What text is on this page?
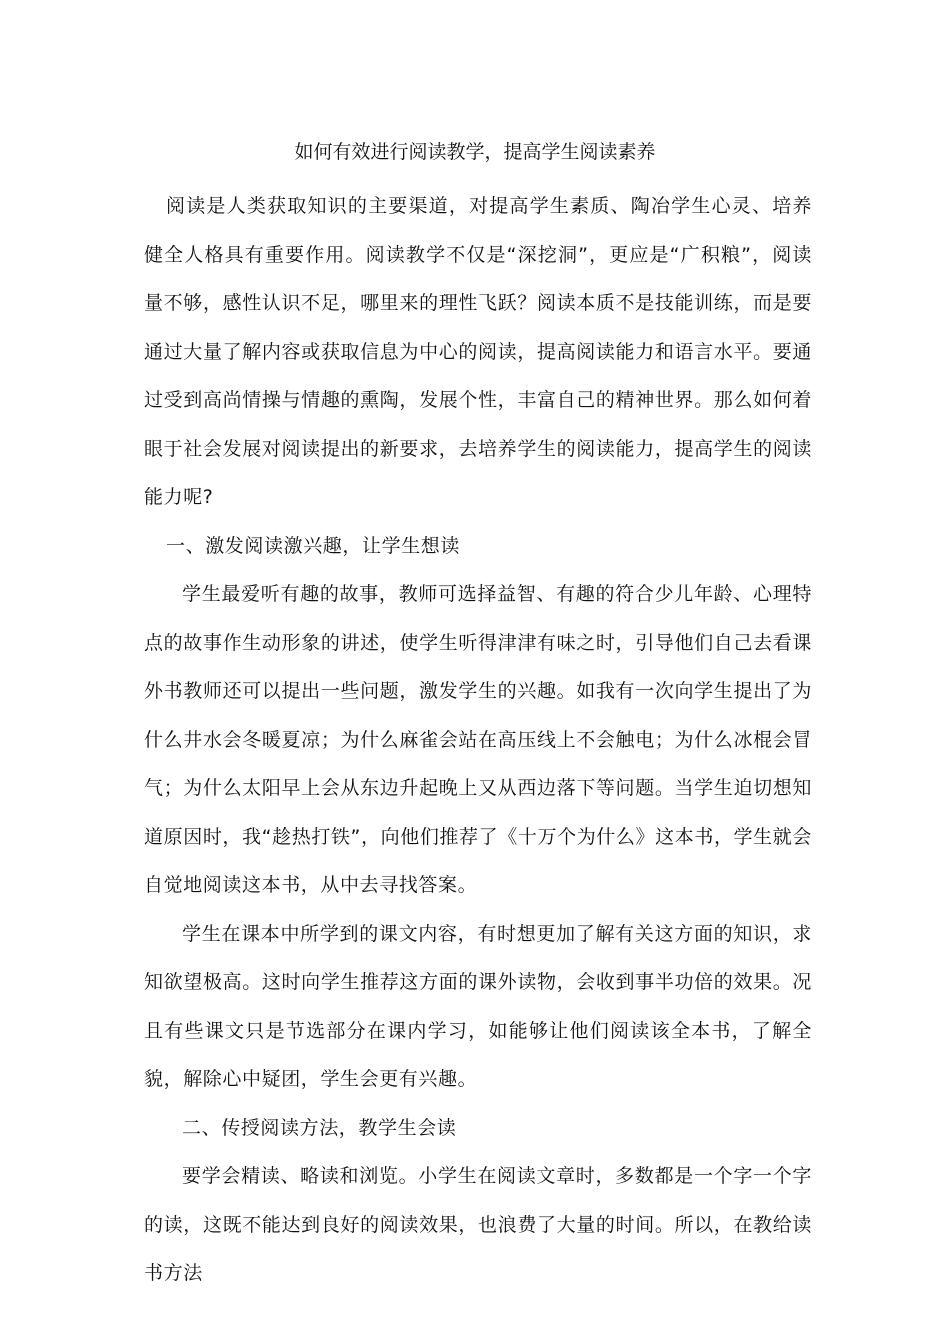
如何有效进行阅读教学，提高学生阅读素养

阅读是人类获取知识的主要渠道，对提高学生素质、陶冶学生心灵、培养健全人格具有重要作用。阅读教学不仅是“深挖洞”，更应是“广积粮”，阅读量不够，感性认识不足，哪里来的理性飞跃？阅读本质不是技能训练，而是要通过大量了解内容或获取信息为中心的阅读，提高阅读能力和语言水平。要通过受到高尚情操与情趣的熏陶，发展个性，丰富自己的精神世界。那么如何着眼于社会发展对阅读提出的新要求，去培养学生的阅读能力，提高学生的阅读能力呢?

一、激发阅读激兴趣，让学生想读

学生最爱听有趣的故事，教师可选择益智、有趣的符合少儿年龄、心理特点的故事作生动形象的讲述，使学生听得津津有味之时，引导他们自己去看课外书教师还可以提出一些问题，激发学生的兴趣。如我有一次向学生提出了为什么井水会冬暖夏凉；为什么麻雀会站在高压线上不会触电；为什么冰棍会冒气；为什么太阳早上会从东边升起晚上又从西边落下等问题。当学生迫切想知道原因时，我“趁热打铁”，向他们推荐了《十万个为什么》这本书，学生就会自觉地阅读这本书，从中去寻找答案。

学生在课本中所学到的课文内容，有时想更加了解有关这方面的知识，求知欲望极高。这时向学生推荐这方面的课外读物，会收到事半功倍的效果。况且有些课文只是节选部分在课内学习，如能够让他们阅读该全本书，了解全貌，解除心中疑团，学生会更有兴趣。

二、传授阅读方法，教学生会读

要学会精读、略读和浏览。小学生在阅读文章时，多数都是一个字一个字的读，这既不能达到良好的阅读效果，也浪费了大量的时间。所以，在教给读书方法
